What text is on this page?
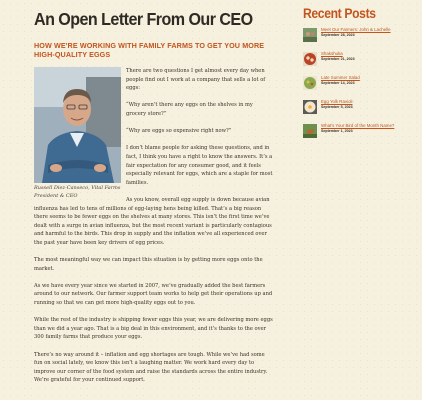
An Open Letter From Our CEO
HOW WE'RE WORKING WITH FAMILY FARMS TO GET YOU MORE HIGH-QUALITY EGGS
Russell Diez-Canseco, Vital Farms President & CEO

There are two questions I get almost every day when people find out I work at a company that sells a lot of eggs:

“Why aren’t there any eggs on the shelves in my grocery store?”

“Why are eggs so expensive right now?”

I don’t blame people for asking these questions, and in fact, I think you have a right to know the answers. It’s a fair expectation for any consumer good, and it feels especially relevant for eggs, which are a staple for most families.

As you know, overall egg supply is down because avian influenza has led to tens of millions of egg-laying hens being killed. That’s a big reason there seems to be fewer eggs on the shelves at many stores. This isn’t the first time we’ve dealt with a surge in avian influenza, but the most recent variant is particularly contagious and harmful to the birds. This drop in supply and the inflation we’ve all experienced over the past year have been key drivers of egg prices.

The most meaningful way we can impact this situation is by getting more eggs onto the market.

As we have every year since we started in 2007, we’ve gradually added the best farmers around to our network. Our farmer support team works to help get their operations up and running so that we can get more high-quality eggs out to you.

While the rest of the industry is shipping fewer eggs this year, we are delivering more eggs than we did a year ago. That is a big deal in this environment, and it’s thanks to the over 300 family farms that produce your eggs.

There’s no way around it – inflation and egg shortages are tough. While we’ve had some fun on social lately, we know this isn’t a laughing matter. We work hard every day to improve our corner of the food system and raise the standards across the entire industry. We’re grateful for your continued support.

Recent Posts
Meet Our Farmers: John & Lachelle
September 28, 2023
Shakshuka
September 21, 2023
Late Summer Salad
September 14, 2023
Egg Yolk Ravioli
September 5, 2023
What's Your Bird of the Month Name?
September 1, 2023
